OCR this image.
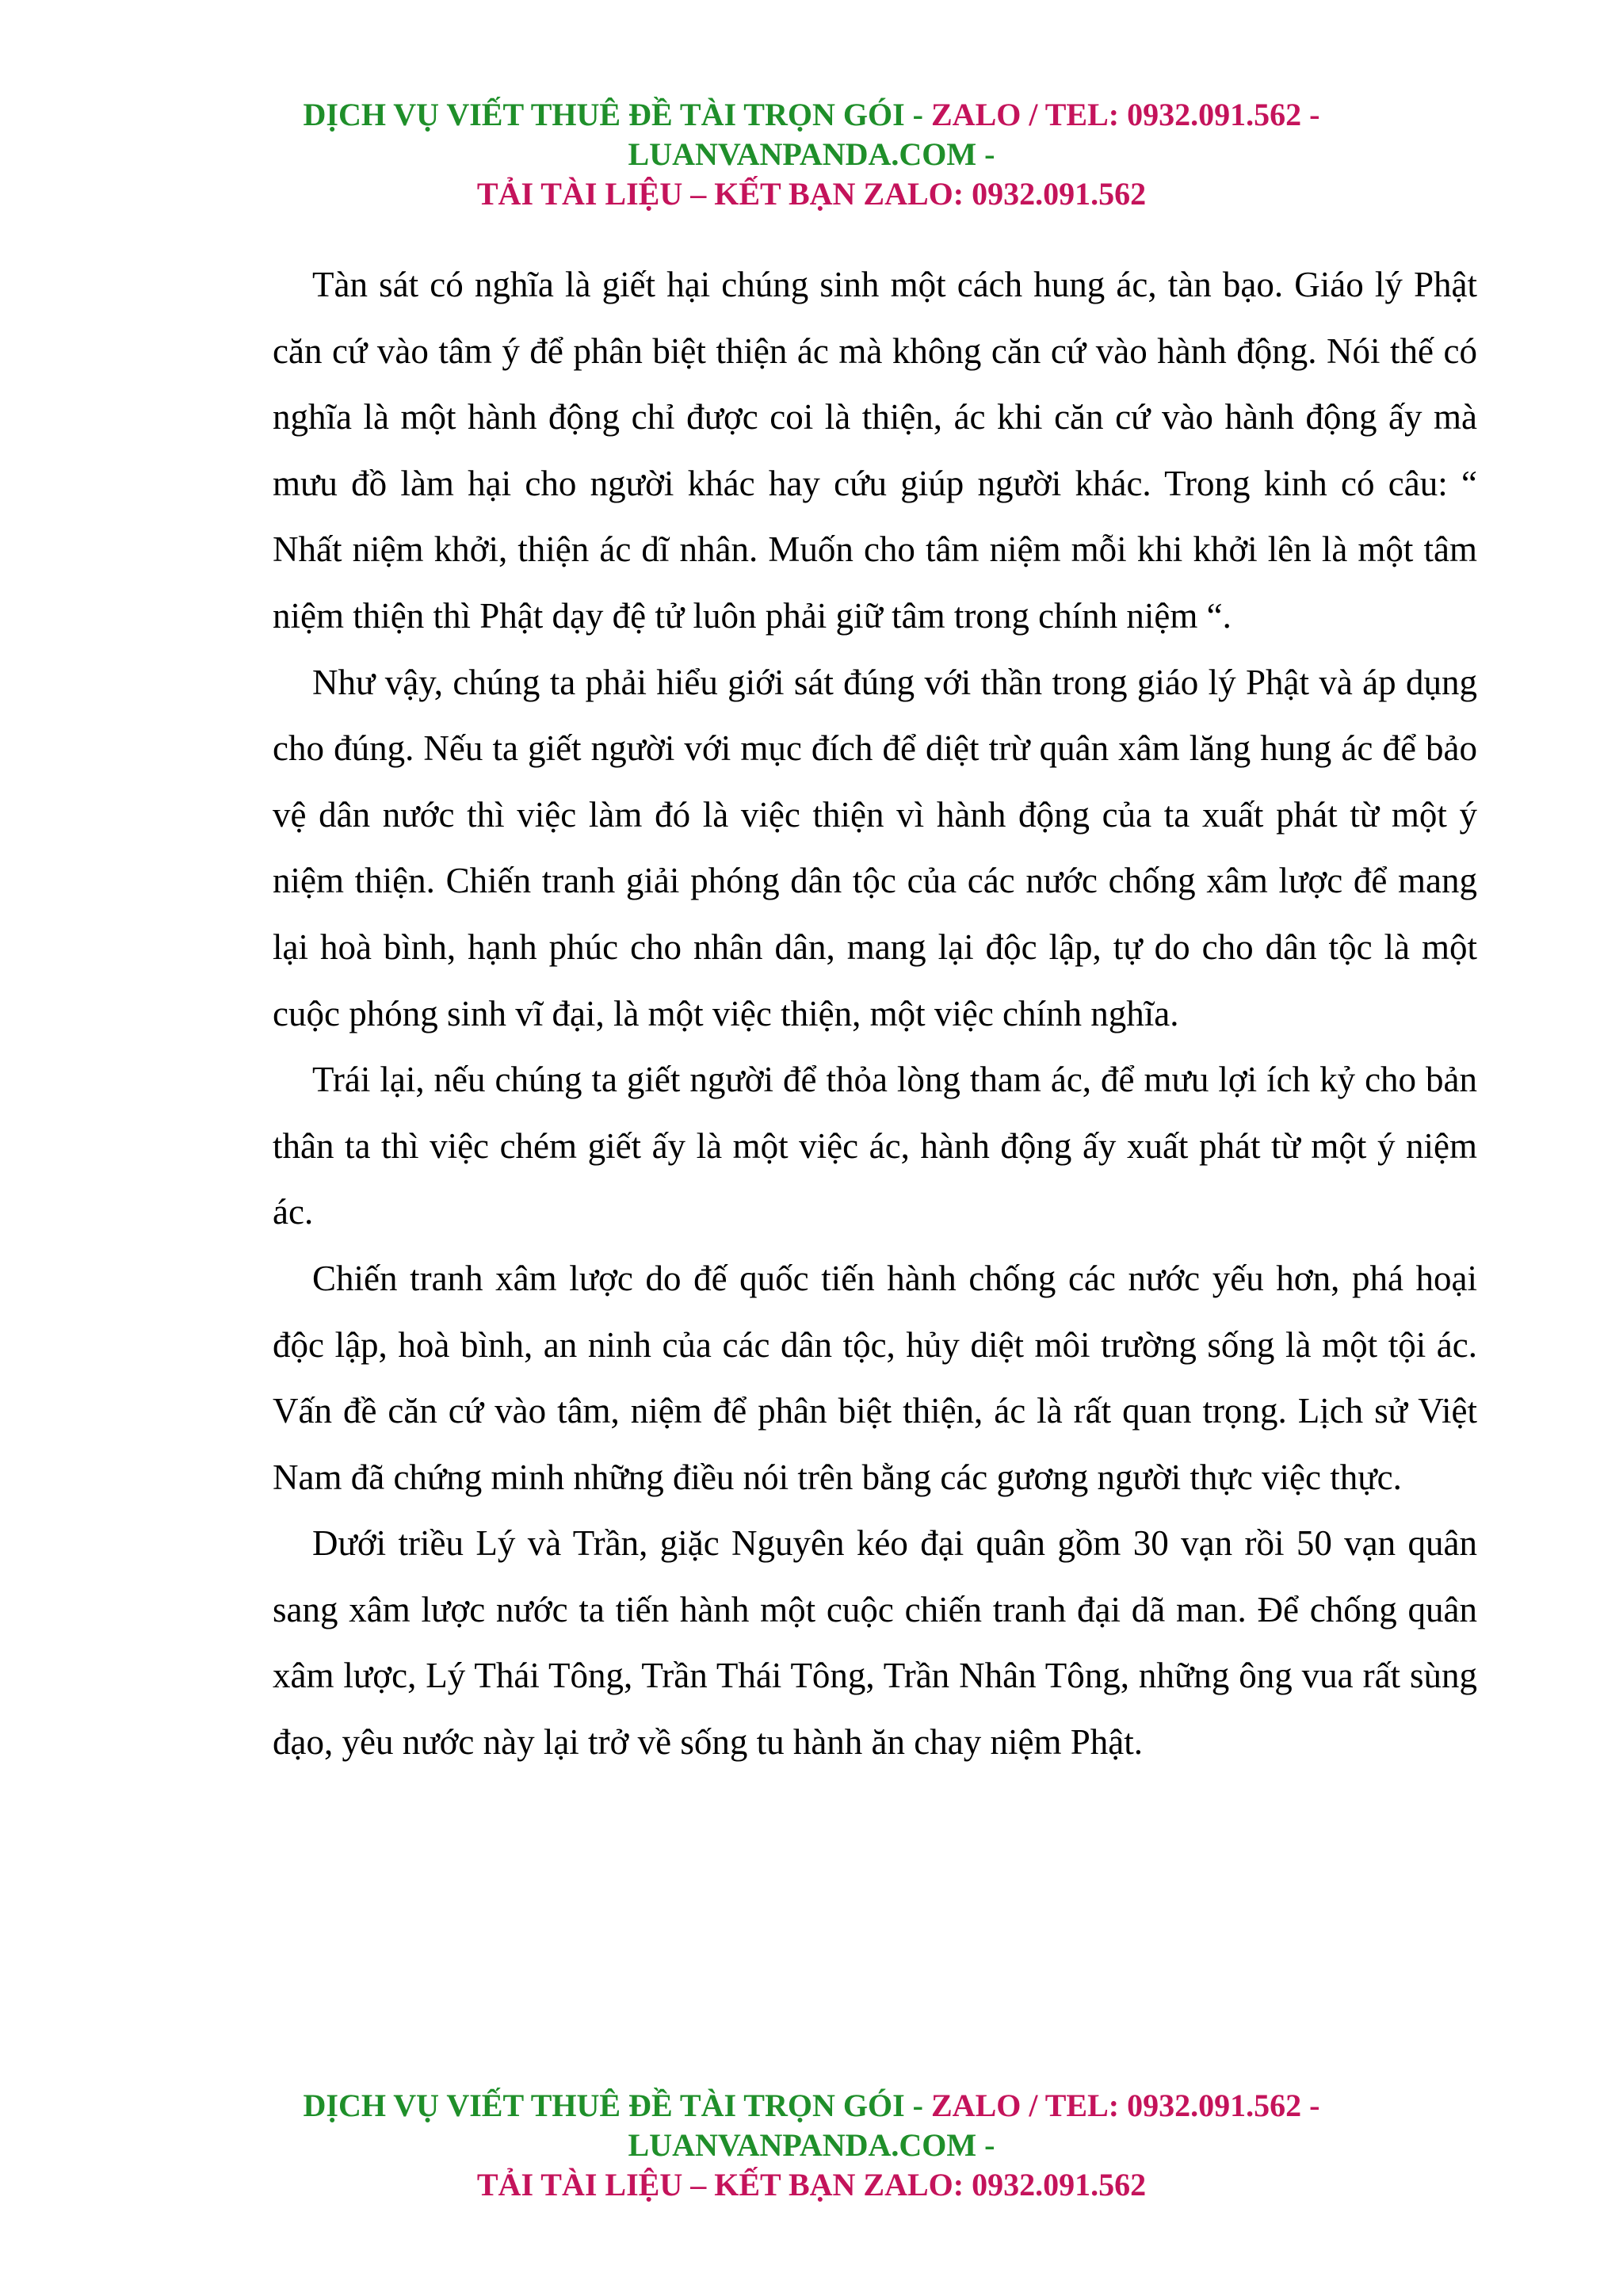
DỊCH VỤ VIẾT THUÊ ĐỀ TÀI TRỌN GÓI - ZALO / TEL: 0932.091.562 -
LUANVANPANDA.COM -
TẢI TÀI LIỆU – KẾT BẠN ZALO: 0932.091.562

Tàn sát có nghĩa là giết hại chúng sinh một cách hung ác, tàn bạo. Giáo lý Phật căn cứ vào tâm ý để phân biệt thiện ác mà không căn cứ vào hành động. Nói thế có nghĩa là một hành động chỉ được coi là thiện, ác khi căn cứ vào hành động ấy mà mưu đồ làm hại cho người khác hay cứu giúp người khác. Trong kinh có câu: “ Nhất niệm khởi, thiện ác dĩ nhân. Muốn cho tâm niệm mỗi khi khởi lên là một tâm niệm thiện thì Phật dạy đệ tử luôn phải giữ tâm trong chính niệm “.

Như vậy, chúng ta phải hiểu giới sát đúng với thần trong giáo lý Phật và áp dụng cho đúng. Nếu ta giết người với mục đích để diệt trừ quân xâm lăng hung ác để bảo vệ dân nước thì việc làm đó là việc thiện vì hành động của ta xuất phát từ một ý niệm thiện. Chiến tranh giải phóng dân tộc của các nước chống xâm lược để mang lại hoà bình, hạnh phúc cho nhân dân, mang lại độc lập, tự do cho dân tộc là một cuộc phóng sinh vĩ đại, là một việc thiện, một việc chính nghĩa.

Trái lại, nếu chúng ta giết người để thỏa lòng tham ác, để mưu lợi ích kỷ cho bản thân ta thì việc chém giết ấy là một việc ác, hành động ấy xuất phát từ một ý niệm ác.

Chiến tranh xâm lược do đế quốc tiến hành chống các nước yếu hơn, phá hoại độc lập, hoà bình, an ninh của các dân tộc, hủy diệt môi trường sống là một tội ác. Vấn đề căn cứ vào tâm, niệm để phân biệt thiện, ác là rất quan trọng. Lịch sử Việt Nam đã chứng minh những điều nói trên bằng các gương người thực việc thực.

Dưới triều Lý và Trần, giặc Nguyên kéo đại quân gồm 30 vạn rồi 50 vạn quân sang xâm lược nước ta tiến hành một cuộc chiến tranh đại dã man. Để chống quân xâm lược, Lý Thái Tông, Trần Thái Tông, Trần Nhân Tông, những ông vua rất sùng đạo, yêu nước này lại trở về sống tu hành ăn chay niệm Phật.

DỊCH VỤ VIẾT THUÊ ĐỀ TÀI TRỌN GÓI - ZALO / TEL: 0932.091.562 -
LUANVANPANDA.COM -
TẢI TÀI LIỆU – KẾT BẠN ZALO: 0932.091.562
